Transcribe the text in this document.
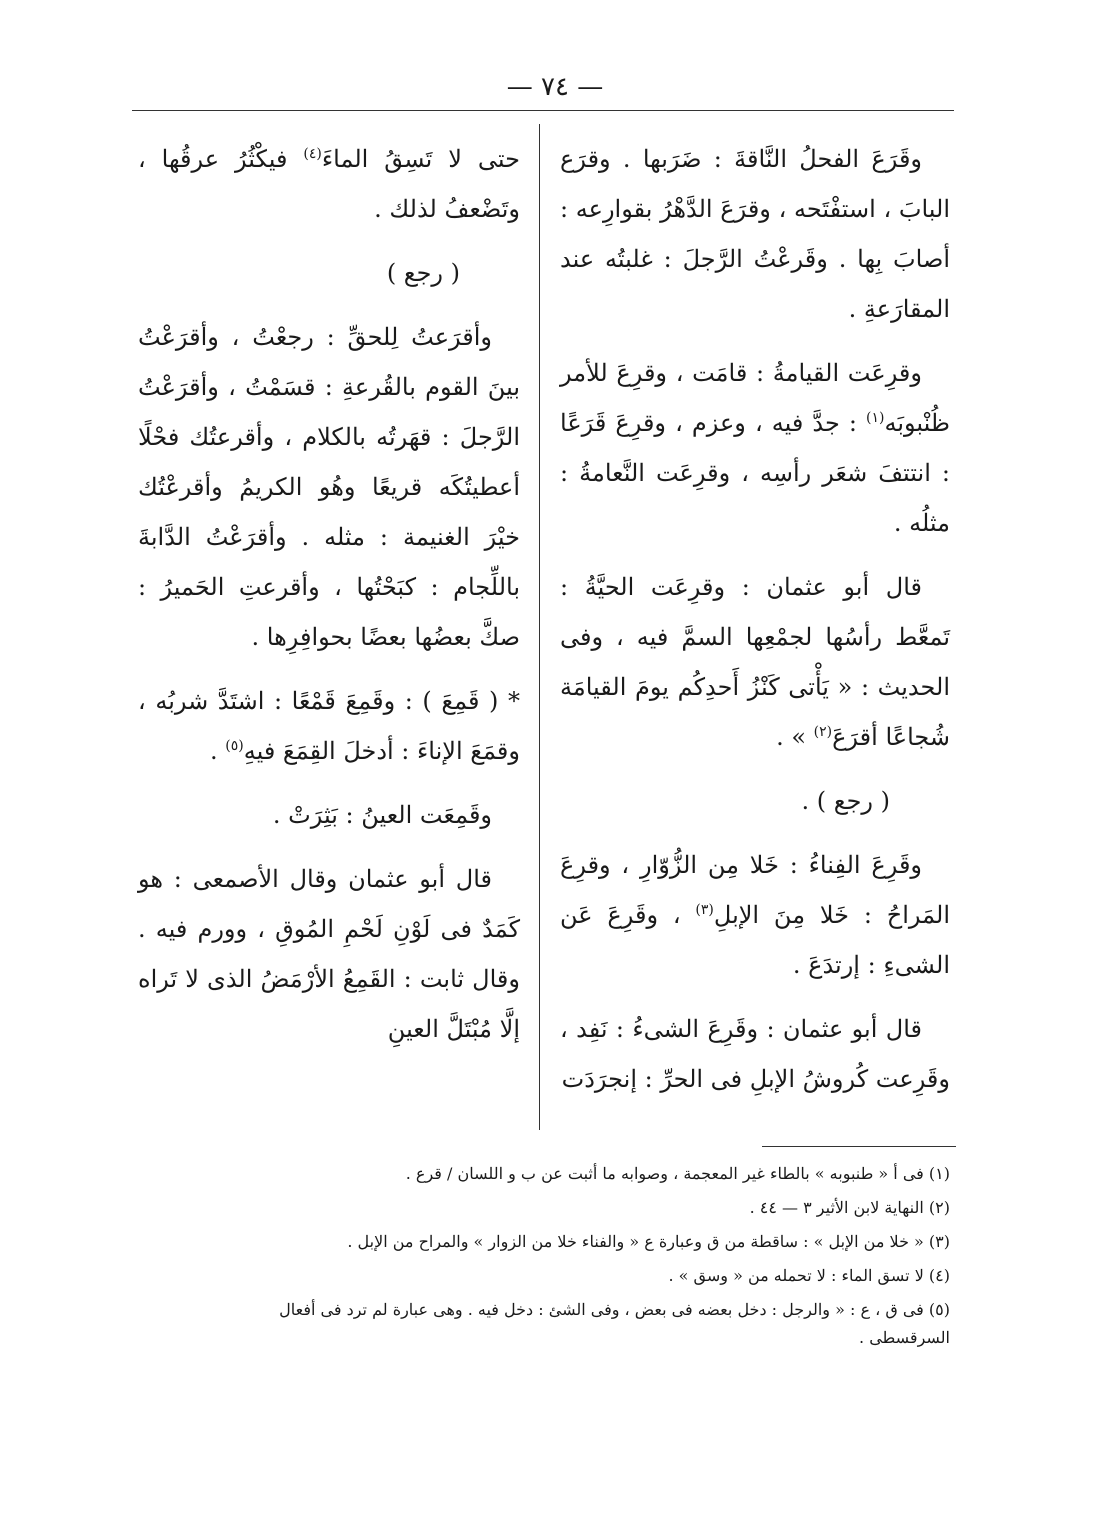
— ٧٤ —

وقَرَعَ الفحلُ النَّاقةَ : ضَرَبها . وقرَع البابَ ، استفْتَحه ، وقرَعَ الدَّهْرُ بقوارِعه : أصابَ بِها . وقَرعْتُ الرَّجلَ : غلبتُه عند المقارَعةِ .

وقرِعَت القيامةُ : قامَت ، وقرِعَ للأمر ظُنْبوبَه$^{(١)}$ : جدَّ فيه ، وعزم ، وقرِعَ قَرَعًا : انتتفَ شعَر رأسِه ، وقرِعَت النَّعامةُ : مثلُه .

قال أبو عثمان : وقرِعَت الحيَّةُ : تَمعَّط رأسُها لجمْعِها السمَّ فيه ، وفى الحديث : « يَأْتى كَنْزُ أَحدِكُم يومَ القيامَة شُجاعًا أقرَعَ$^{(٢)}$ » .

( رجع ) .

وقَرِعَ الفِناءُ : خَلا مِن الزُّوّارِ ، وقرِعَ المَراحُ : خَلا مِنَ الإبلِ$^{(٣)}$ ، وقَرِعَ عَن الشىءِ : إرتدَعَ .

قال أبو عثمان : وقَرِعَ الشىءُ : نَفِد ، وقَرِعت كُروشُ الإبلِ فى الحرِّ : إنجرَدَت

حتى لا تَسِقُ الماءَ$^{(٤)}$ فيكْثُرُ عرقُها ، وتَضْعفُ لذلك .

( رجع )

وأقرَعتُ لِلحقِّ : رجعْتُ ، وأقرَعْتُ بينَ القوم بالقُرعةِ : قسَمْتُ ، وأقرَعْتُ الرَّجلَ : قهَرتُه بالكلام ، وأقرعتُك فحْلًا أعطيتُكَه قريعًا وهُو الكريمُ وأقرعْتُك خيْرَ الغنيمة : مثله . وأقرَعْتُ الدَّابةَ باللِّجام : كبَحْتُها ، وأقرعتِ الحَميرُ : صكَّ بعضُها بعضًا بحوافِرِها .

* ( قَمِعَ ) : وقَمِعَ قَمْعًا : اشتَدَّ شربُه ، وقمَعَ الإناءَ : أدخلَ القِمَعَ فيهِ$^{(٥)}$ .

وقَمِعَت العينُ : بَثِرَتْ .

قال أبو عثمان وقال الأصمعى : هو كَمَدٌ فى لَوْنِ لَحْمِ المُوقِ ، وورم فيه . وقال ثابت : القَمِعُ الأرْمَضُ الذى لا تَراه إلَّا مُبْتَلَّ العينِ

(١) فى أ « طنبوبه » بالطاء غير المعجمة ، وصوابه ما أثبت عن ب و اللسان / قرع .

(٢) النهاية لابن الأثير ٣ — ٤٤ .

(٣) « خلا من الإبل » : ساقطة من ق وعبارة ع « والفناء خلا من الزوار » والمراح من الإبل .

(٤) لا تسق الماء : لا تحمله من « وسق » .

(٥) فى ق ، ع : « والرجل : دخل بعضه فى بعض ، وفى الشئ : دخل فيه . وهى عبارة لم ترد فى أفعال السرقسطى .
